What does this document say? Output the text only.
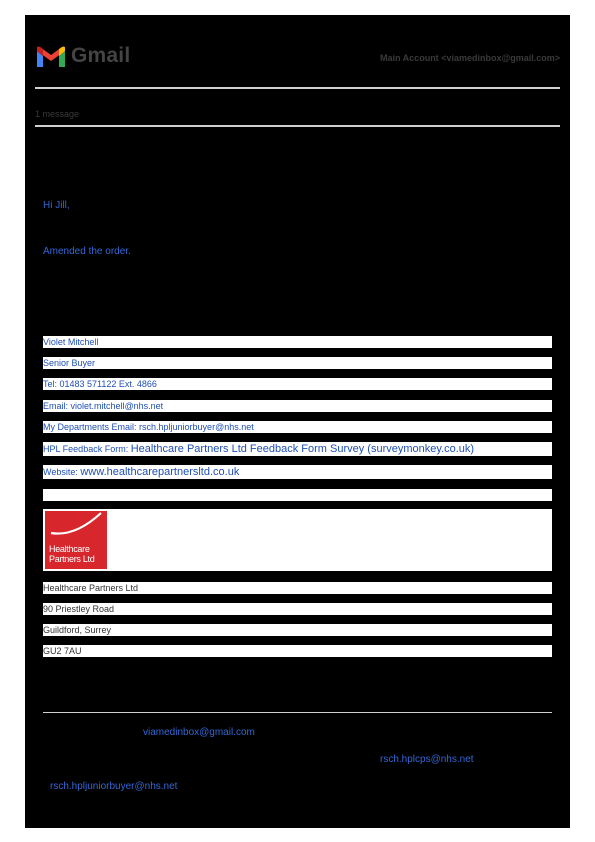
Gmail	Main Account <viamedinbox@gmail.com>
1 message
Hi Jill,
Amended the order.
Violet Mitchell
Senior Buyer
Tel: 01483 571122 Ext. 4866
Email: violet.mitchell@nhs.net
My Departments Email: rsch.hpljuniorbuyer@nhs.net
HPL Feedback Form: Healthcare Partners Ltd Feedback Form Survey (surveymonkey.co.uk)
Website: www.healthcarepartnersltd.co.uk
Healthcare
Partners Ltd
Healthcare Partners Ltd
90 Priestley Road
Guildford, Surrey
GU2 7AU
viamedinbox@gmail.com
rsch.hplcps@nhs.net
rsch.hpljuniorbuyer@nhs.net
